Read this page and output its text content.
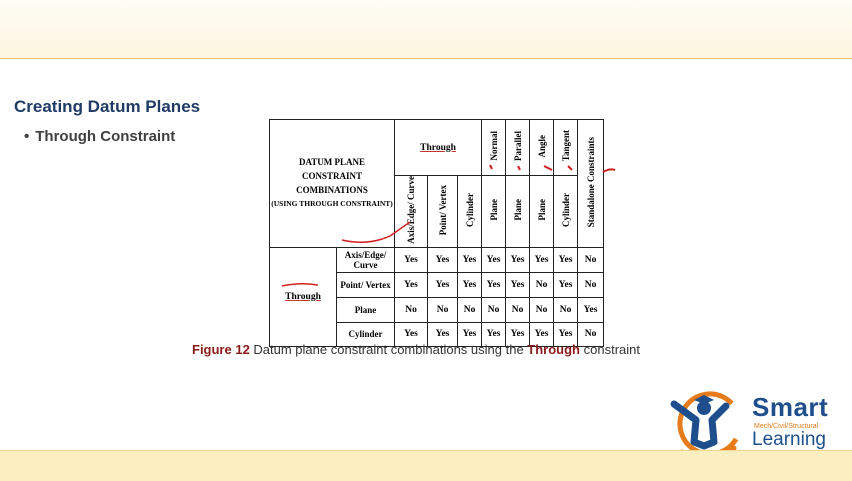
Creating Datum Planes
• Through Constraint
DATUM PLANE
CONSTRAINT
COMBINATIONS
(USING THROUGH CONSTRAINT)		Through			Normal	Parallel	Angle	Tangent	Standalone Constraints
		Axis/Edge/ Curve	Point/ Vertex	Cylinder	Plane	Plane	Plane	Cylinder	
Through	Axis/Edge/ Curve	Yes	Yes	Yes	Yes	Yes	Yes	Yes	No
	Point/ Vertex	Yes	Yes	Yes	Yes	Yes	No	Yes	No
	Plane	No	No	No	No	No	No	No	Yes
	Cylinder	Yes	Yes	Yes	Yes	Yes	Yes	Yes	No
Figure 12 Datum plane constraint combinations using the Through constraint
Smart
Mech/Civil/Structural
Learning
